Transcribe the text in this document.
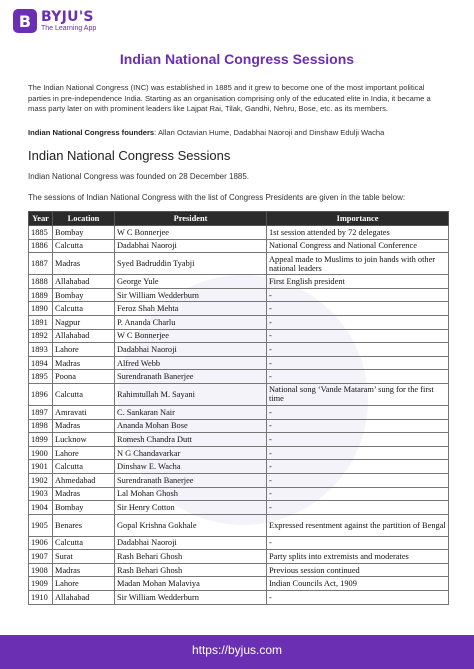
B BYJU'S
The Learning App
Indian National Congress Sessions
The Indian National Congress (INC) was established in 1885 and it grew to become one of the most important political parties in pre-independence India. Starting as an organisation comprising only of the educated elite in India, it became a mass party later on with prominent leaders like Lajpat Rai, Tilak, Gandhi, Nehru, Bose, etc. as its members.
Indian National Congress founders: Allan Octavian Hume, Dadabhai Naoroji and Dinshaw Edulji Wacha
Indian National Congress Sessions
Indian National Congress was founded on 28 December 1885.
The sessions of Indian National Congress with the list of Congress Presidents are given in the table below:
Year	Location	President	Importance
1885	Bombay	W C Bonnerjee	1st session attended by 72 delegates
1886	Calcutta	Dadabhai Naoroji	National Congress and National Conference
1887	Madras	Syed Badruddin Tyabji	Appeal made to Muslims to join hands with other national leaders
1888	Allahabad	George Yule	First English president
1889	Bombay	Sir William Wedderburn	-
1890	Calcutta	Feroz Shah Mehta	-
1891	Nagpur	P. Ananda Charlu	-
1892	Allahabad	W C Bonnerjee	-
1893	Lahore	Dadabhai Naoroji	-
1894	Madras	Alfred Webb	-
1895	Poona	Surendranath Banerjee	-
1896	Calcutta	Rahimtullah M. Sayani	National song ‘Vande Mataram’ sung for the first time
1897	Amravati	C. Sankaran Nair	-
1898	Madras	Ananda Mohan Bose	-
1899	Lucknow	Romesh Chandra Dutt	-
1900	Lahore	N G Chandavarkar	-
1901	Calcutta	Dinshaw E. Wacha	-
1902	Ahmedabad	Surendranath Banerjee	-
1903	Madras	Lal Mohan Ghosh	-
1904	Bombay	Sir Henry Cotton	-
1905	Benares	Gopal Krishna Gokhale	Expressed resentment against the partition of Bengal
1906	Calcutta	Dadabhai Naoroji	-
1907	Surat	Rash Behari Ghosh	Party splits into extremists and moderates
1908	Madras	Rash Behari Ghosh	Previous session continued
1909	Lahore	Madan Mohan Malaviya	Indian Councils Act, 1909
1910	Allahabad	Sir William Wedderburn	-
https://byjus.com
